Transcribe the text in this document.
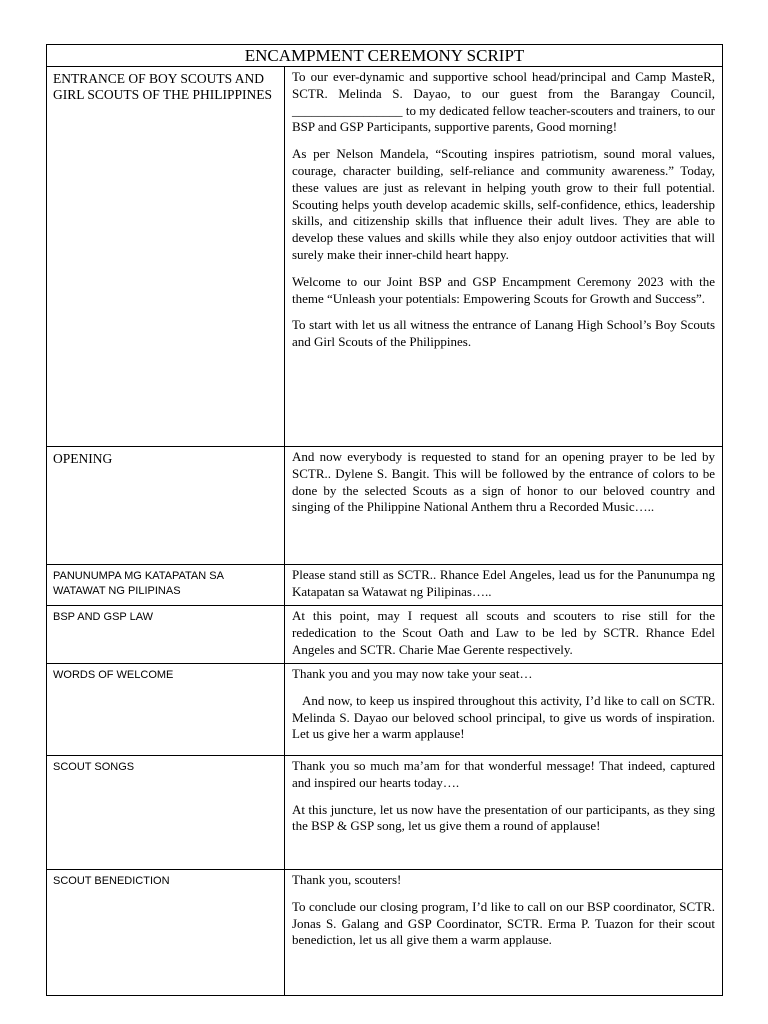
ENCAMPMENT CEREMONY SCRIPT	

ENTRANCE OF BOY SCOUTS AND GIRL SCOUTS OF THE PHILIPPINES	To our ever-dynamic and supportive school head/principal and Camp MasteR, SCTR. Melinda S. Dayao, to our guest from the Barangay Council, _________________ to my dedicated fellow teacher-scouters and trainers, to our BSP and GSP Participants, supportive parents, Good morning!

As per Nelson Mandela, “Scouting inspires patriotism, sound moral values, courage, character building, self-reliance and community awareness.” Today, these values are just as relevant in helping youth grow to their full potential. Scouting helps youth develop academic skills, self-confidence, ethics, leadership skills, and citizenship skills that influence their adult lives. They are able to develop these values and skills while they also enjoy outdoor activities that will surely make their inner-child heart happy.

Welcome to our Joint BSP and GSP Encampment Ceremony 2023 with the theme “Unleash your potentials: Empowering Scouts for Growth and Success”.

To start with let us all witness the entrance of Lanang High School’s Boy Scouts and Girl Scouts of the Philippines.

OPENING	And now everybody is requested to stand for an opening prayer to be led by SCTR.. Dylene S. Bangit. This will be followed by the entrance of colors to be done by the selected Scouts as a sign of honor to our beloved country and singing of the Philippine National Anthem thru a Recorded Music…..

PANUNUMPA MG KATAPATAN SA WATAWAT NG PILIPINAS	Please stand still as SCTR.. Rhance Edel Angeles, lead us for the Panunumpa ng Katapatan sa Watawat ng Pilipinas…..

BSP AND GSP LAW	At this point, may I request all scouts and scouters to rise still for the rededication to the Scout Oath and Law to be led by SCTR. Rhance Edel Angeles and SCTR. Charie Mae Gerente respectively.

WORDS OF WELCOME	Thank you and you may now take your seat…

And now, to keep us inspired throughout this activity, I’d like to call on SCTR. Melinda S. Dayao our beloved school principal, to give us words of inspiration. Let us give her a warm applause!

SCOUT SONGS	Thank you so much ma’am for that wonderful message! That indeed, captured and inspired our hearts today….

At this juncture, let us now have the presentation of our participants, as they sing the BSP & GSP song, let us give them a round of applause!

SCOUT BENEDICTION	Thank you, scouters!

To conclude our closing program, I’d like to call on our BSP coordinator, SCTR. Jonas S. Galang and GSP Coordinator, SCTR. Erma P. Tuazon for their scout benediction, let us all give them a warm applause.
